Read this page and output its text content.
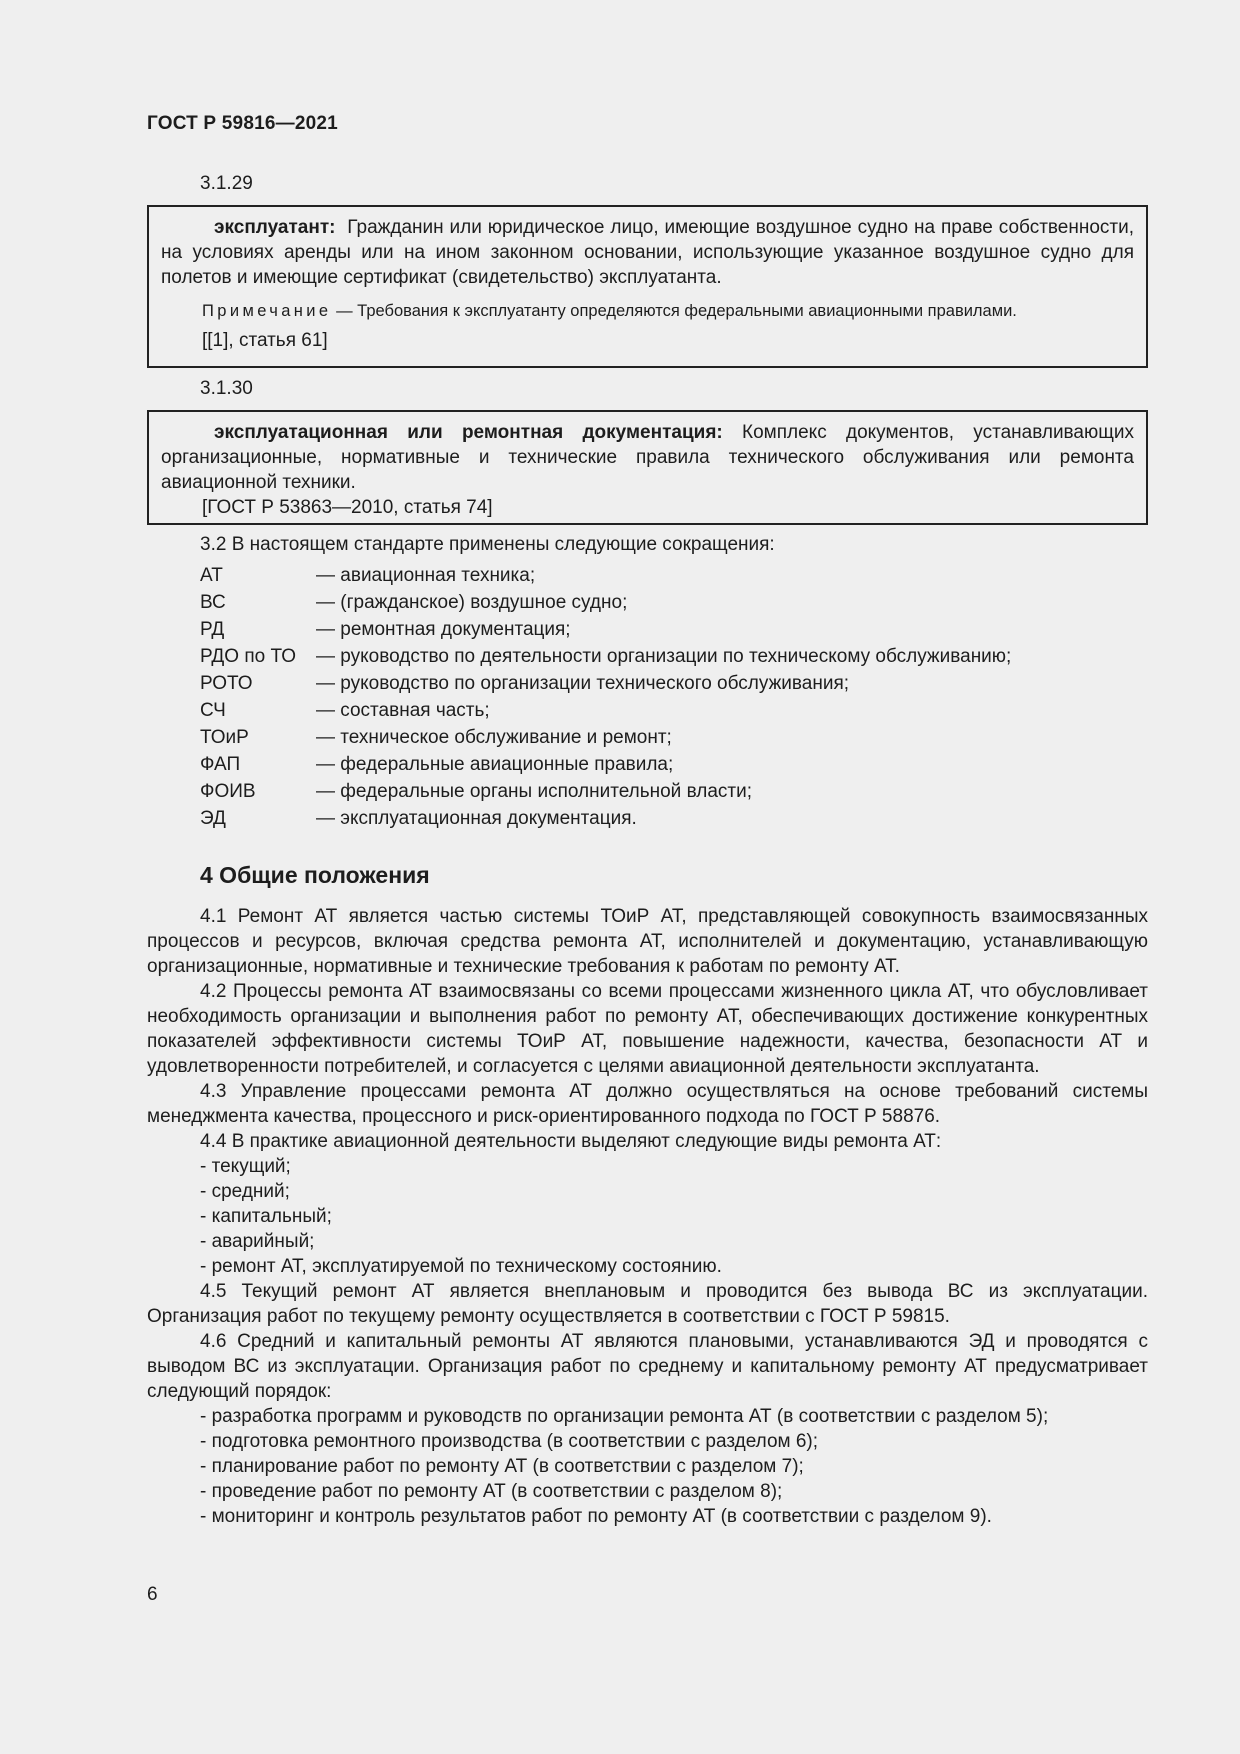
ГОСТ Р 59816—2021
3.1.29

эксплуатант: Гражданин или юридическое лицо, имеющие воздушное судно на праве собственности, на условиях аренды или на ином законном основании, использующие указанное воздушное судно для полетов и имеющие сертификат (свидетельство) эксплуатанта.

Примечание — Требования к эксплуатанту определяются федеральными авиационными правилами.

[[1], статья 61]

3.1.30

эксплуатационная или ремонтная документация: Комплекс документов, устанавливающих организационные, нормативные и технические правила технического обслуживания или ремонта авиационной техники.

[ГОСТ Р 53863—2010, статья 74]

3.2 В настоящем стандарте применены следующие сокращения:
АТ	— авиационная техника;
ВС	— (гражданское) воздушное судно;
РД	— ремонтная документация;
РДО по ТО	— руководство по деятельности организации по техническому обслуживанию;
РОТО	— руководство по организации технического обслуживания;
СЧ	— составная часть;
ТОиР	— техническое обслуживание и ремонт;
ФАП	— федеральные авиационные правила;
ФОИВ	— федеральные органы исполнительной власти;
ЭД	— эксплуатационная документация.
4 Общие положения

4.1 Ремонт АТ является частью системы ТОиР АТ, представляющей совокупность взаимосвязанных процессов и ресурсов, включая средства ремонта АТ, исполнителей и документацию, устанавливающую организационные, нормативные и технические требования к работам по ремонту АТ.

4.2 Процессы ремонта АТ взаимосвязаны со всеми процессами жизненного цикла АТ, что обусловливает необходимость организации и выполнения работ по ремонту АТ, обеспечивающих достижение конкурентных показателей эффективности системы ТОиР АТ, повышение надежности, качества, безопасности АТ и удовлетворенности потребителей, и согласуется с целями авиационной деятельности эксплуатанта.

4.3 Управление процессами ремонта АТ должно осуществляться на основе требований системы менеджмента качества, процессного и риск-ориентированного подхода по ГОСТ Р 58876.

4.4 В практике авиационной деятельности выделяют следующие виды ремонта АТ:

- текущий;

- средний;

- капитальный;

- аварийный;

- ремонт АТ, эксплуатируемой по техническому состоянию.

4.5 Текущий ремонт АТ является внеплановым и проводится без вывода ВС из эксплуатации. Организация работ по текущему ремонту осуществляется в соответствии с ГОСТ Р 59815.

4.6 Средний и капитальный ремонты АТ являются плановыми, устанавливаются ЭД и проводятся с выводом ВС из эксплуатации. Организация работ по среднему и капитальному ремонту АТ предусматривает следующий порядок:

- разработка программ и руководств по организации ремонта АТ (в соответствии с разделом 5);

- подготовка ремонтного производства (в соответствии с разделом 6);

- планирование работ по ремонту АТ (в соответствии с разделом 7);

- проведение работ по ремонту АТ (в соответствии с разделом 8);

- мониторинг и контроль результатов работ по ремонту АТ (в соответствии с разделом 9).

6
